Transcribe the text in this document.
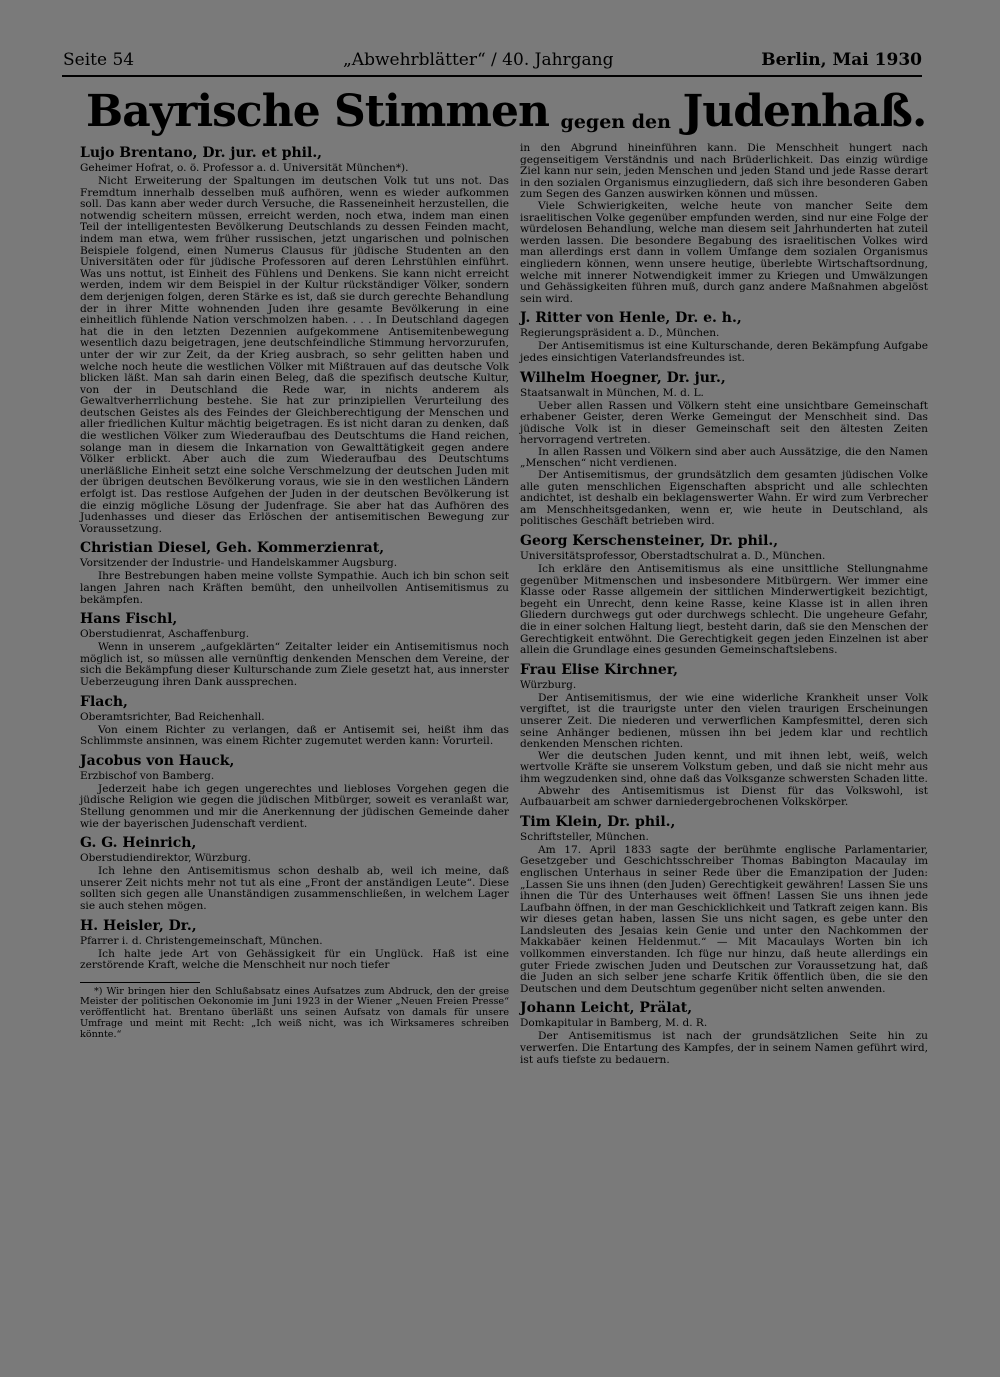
Seite 54	„Abwehrblätter“ / 40. Jahrgang	Berlin, Mai 1930
Bayrische Stimmen gegen den Judenhaß.
Lujo Brentano, Dr. jur. et phil.,
Geheimer Hofrat, o. ö. Professor a. d. Universität München*).

Nicht Erweiterung der Spaltungen im deutschen Volk tut uns not. Das Fremdtum innerhalb desselben muß aufhören, wenn es wieder aufkommen soll. Das kann aber weder durch Versuche, die Rasseneinheit herzustellen, die notwendig scheitern müssen, erreicht werden, noch etwa, indem man einen Teil der intelligentesten Bevölkerung Deutschlands zu dessen Feinden macht, indem man etwa, wem früher russischen, jetzt ungarischen und polnischen Beispiele folgend, einen Numerus Clausus für jüdische Studenten an den Universitäten oder für jüdische Professoren auf deren Lehrstühlen einführt. Was uns nottut, ist Einheit des Fühlens und Denkens. Sie kann nicht erreicht werden, indem wir dem Beispiel in der Kultur rückständiger Völker, sondern dem derjenigen folgen, deren Stärke es ist, daß sie durch gerechte Behandlung der in ihrer Mitte wohnenden Juden ihre gesamte Bevölkerung in eine einheitlich fühlende Nation verschmolzen haben. . . . In Deutschland dagegen hat die in den letzten Dezennien aufgekommene Antisemitenbewegung wesentlich dazu beigetragen, jene deutschfeindliche Stimmung hervorzurufen, unter der wir zur Zeit, da der Krieg ausbrach, so sehr gelitten haben und welche noch heute die westlichen Völker mit Mißtrauen auf das deutsche Volk blicken läßt. Man sah darin einen Beleg, daß die spezifisch deutsche Kultur, von der in Deutschland die Rede war, in nichts anderem als Gewaltverherrlichung bestehe. Sie hat zur prinzipiellen Verurteilung des deutschen Geistes als des Feindes der Gleichberechtigung der Menschen und aller friedlichen Kultur mächtig beigetragen. Es ist nicht daran zu denken, daß die westlichen Völker zum Wiederaufbau des Deutschtums die Hand reichen, solange man in diesem die Inkarnation von Gewalttätigkeit gegen andere Völker erblickt. Aber auch die zum Wiederaufbau des Deutschtums unerläßliche Einheit setzt eine solche Verschmelzung der deutschen Juden mit der übrigen deutschen Bevölkerung voraus, wie sie in den westlichen Ländern erfolgt ist. Das restlose Aufgehen der Juden in der deutschen Bevölkerung ist die einzig mögliche Lösung der Judenfrage. Sie aber hat das Aufhören des Judenhasses und dieser das Erlöschen der antisemitischen Bewegung zur Voraussetzung.

Christian Diesel, Geh. Kommerzienrat,
Vorsitzender der Industrie- und Handelskammer Augsburg.

Ihre Bestrebungen haben meine vollste Sympathie. Auch ich bin schon seit langen Jahren nach Kräften bemüht, den unheilvollen Antisemitismus zu bekämpfen.

Hans Fischl,
Oberstudienrat, Aschaffenburg.

Wenn in unserem „aufgeklärten“ Zeitalter leider ein Antisemitismus noch möglich ist, so müssen alle vernünftig denkenden Menschen dem Vereine, der sich die Bekämpfung dieser Kulturschande zum Ziele gesetzt hat, aus innerster Ueberzeugung ihren Dank aussprechen.

Flach,
Oberamtsrichter, Bad Reichenhall.

Von einem Richter zu verlangen, daß er Antisemit sei, heißt ihm das Schlimmste ansinnen, was einem Richter zugemutet werden kann: Vorurteil.

Jacobus von Hauck,
Erzbischof von Bamberg.

Jederzeit habe ich gegen ungerechtes und liebloses Vorgehen gegen die jüdische Religion wie gegen die jüdischen Mitbürger, soweit es veranlaßt war, Stellung genommen und mir die Anerkennung der jüdischen Gemeinde daher wie der bayerischen Judenschaft verdient.

G. G. Heinrich,
Oberstudiendirektor, Würzburg.

Ich lehne den Antisemitismus schon deshalb ab, weil ich meine, daß unserer Zeit nichts mehr not tut als eine „Front der anständigen Leute“. Diese sollten sich gegen alle Unanständigen zusammenschließen, in welchem Lager sie auch stehen mögen.

H. Heisler, Dr.,
Pfarrer i. d. Christengemeinschaft, München.

Ich halte jede Art von Gehässigkeit für ein Unglück. Haß ist eine zerstörende Kraft, welche die Menschheit nur noch tiefer

*) Wir bringen hier den Schlußabsatz eines Aufsatzes zum Abdruck, den der greise Meister der politischen Oekonomie im Juni 1923 in der Wiener „Neuen Freien Presse“ veröffentlicht hat. Brentano überläßt uns seinen Aufsatz von damals für unsere Umfrage und meint mit Recht: „Ich weiß nicht, was ich Wirksameres schreiben könnte.“

in den Abgrund hineinführen kann. Die Menschheit hungert nach gegenseitigem Verständnis und nach Brüderlichkeit. Das einzig würdige Ziel kann nur sein, jeden Menschen und jeden Stand und jede Rasse derart in den sozialen Organismus einzugliedern, daß sich ihre besonderen Gaben zum Segen des Ganzen auswirken können und müssen.

Viele Schwierigkeiten, welche heute von mancher Seite dem israelitischen Volke gegenüber empfunden werden, sind nur eine Folge der würdelosen Behandlung, welche man diesem seit Jahrhunderten hat zuteil werden lassen. Die besondere Begabung des israelitischen Volkes wird man allerdings erst dann in vollem Umfange dem sozialen Organismus eingliedern können, wenn unsere heutige, überlebte Wirtschaftsordnung, welche mit innerer Notwendigkeit immer zu Kriegen und Umwälzungen und Gehässigkeiten führen muß, durch ganz andere Maßnahmen abgelöst sein wird.

J. Ritter von Henle, Dr. e. h.,
Regierungspräsident a. D., München.

Der Antisemitismus ist eine Kulturschande, deren Bekämpfung Aufgabe jedes einsichtigen Vaterlandsfreundes ist.

Wilhelm Hoegner, Dr. jur.,
Staatsanwalt in München, M. d. L.

Ueber allen Rassen und Völkern steht eine unsichtbare Gemeinschaft erhabener Geister, deren Werke Gemeingut der Menschheit sind. Das jüdische Volk ist in dieser Gemeinschaft seit den ältesten Zeiten hervorragend vertreten.

In allen Rassen und Völkern sind aber auch Aussätzige, die den Namen „Menschen“ nicht verdienen.

Der Antisemitismus, der grundsätzlich dem gesamten jüdischen Volke alle guten menschlichen Eigenschaften abspricht und alle schlechten andichtet, ist deshalb ein beklagenswerter Wahn. Er wird zum Verbrecher am Menschheitsgedanken, wenn er, wie heute in Deutschland, als politisches Geschäft betrieben wird.

Georg Kerschensteiner, Dr. phil.,
Universitätsprofessor, Oberstadtschulrat a. D., München.

Ich erkläre den Antisemitismus als eine unsittliche Stellungnahme gegenüber Mitmenschen und insbesondere Mitbürgern. Wer immer eine Klasse oder Rasse allgemein der sittlichen Minderwertigkeit bezichtigt, begeht ein Unrecht, denn keine Rasse, keine Klasse ist in allen ihren Gliedern durchwegs gut oder durchwegs schlecht. Die ungeheure Gefahr, die in einer solchen Haltung liegt, besteht darin, daß sie den Menschen der Gerechtigkeit entwöhnt. Die Gerechtigkeit gegen jeden Einzelnen ist aber allein die Grundlage eines gesunden Gemeinschaftslebens.

Frau Elise Kirchner,
Würzburg.

Der Antisemitismus, der wie eine widerliche Krankheit unser Volk vergiftet, ist die traurigste unter den vielen traurigen Erscheinungen unserer Zeit. Die niederen und verwerflichen Kampfesmittel, deren sich seine Anhänger bedienen, müssen ihn bei jedem klar und rechtlich denkenden Menschen richten.

Wer die deutschen Juden kennt, und mit ihnen lebt, weiß, welch wertvolle Kräfte sie unserem Volkstum geben, und daß sie nicht mehr aus ihm wegzudenken sind, ohne daß das Volksganze schwersten Schaden litte.

Abwehr des Antisemitismus ist Dienst für das Volkswohl, ist Aufbauarbeit am schwer darniedergebrochenen Volkskörper.

Tim Klein, Dr. phil.,
Schriftsteller, München.

Am 17. April 1833 sagte der berühmte englische Parlamentarier, Gesetzgeber und Geschichtsschreiber Thomas Babington Macaulay im englischen Unterhaus in seiner Rede über die Emanzipation der Juden: „Lassen Sie uns ihnen (den Juden) Gerechtigkeit gewähren! Lassen Sie uns ihnen die Tür des Unterhauses weit öffnen! Lassen Sie uns ihnen jede Laufbahn öffnen, in der man Geschicklichkeit und Tatkraft zeigen kann. Bis wir dieses getan haben, lassen Sie uns nicht sagen, es gebe unter den Landsleuten des Jesaias kein Genie und unter den Nachkommen der Makkabäer keinen Heldenmut.“ — Mit Macaulays Worten bin ich vollkommen einverstanden. Ich füge nur hinzu, daß heute allerdings ein guter Friede zwischen Juden und Deutschen zur Voraussetzung hat, daß die Juden an sich selber jene scharfe Kritik öffentlich üben, die sie den Deutschen und dem Deutschtum gegenüber nicht selten anwenden.

Johann Leicht, Prälat,
Domkapitular in Bamberg, M. d. R.

Der Antisemitismus ist nach der grundsätzlichen Seite hin zu verwerfen. Die Entartung des Kampfes, der in seinem Namen geführt wird, ist aufs tiefste zu bedauern.
